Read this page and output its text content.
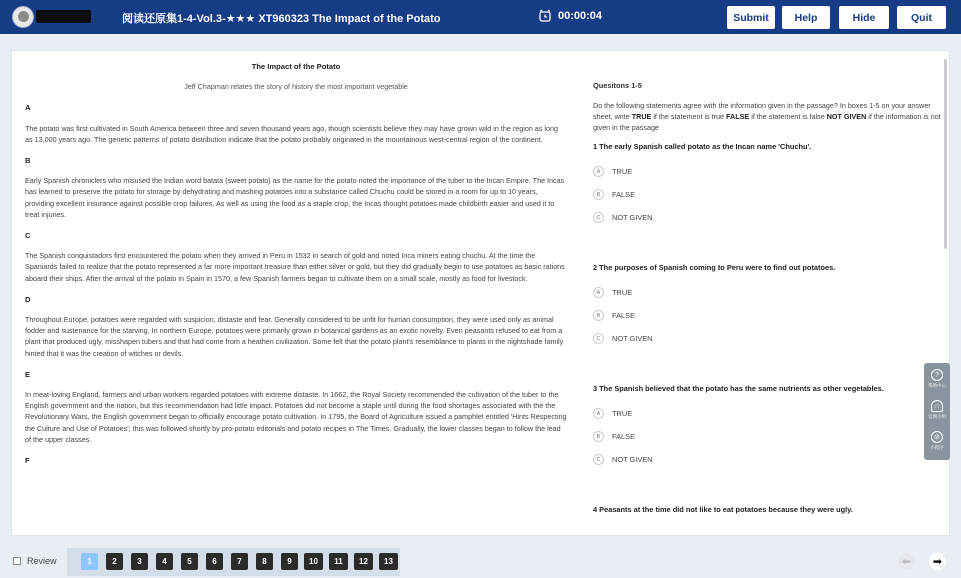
阅读还原集1-4-Vol.3-★★★ XT960323 The Impact of the Potato	00:00:04	Submit	Help	Hide	Quit
The Impact of the Potato
Jeff Chapman relates the story of history the most important vegetable
A
The potato was first cultivated in South America between three and seven thousand years ago, though scientists believe they may have grown wild in the region as long as 13,000 years ago. The genetic patterns of potato distribution indicate that the potato probably originated in the mountainous west-central region of the continent.
B
Early Spanish chroniclers who misused the Indian word batata (sweet potato) as the name for the potato noted the importance of the tuber to the Incan Empire. The Incas has learned to preserve the potato for storage by dehydrating and mashing potatoes into a substance called Chuchu could be stored in a room for up to 10 years, providing excellent insurance against possible crop failures. As well as using the food as a staple crop, the Incas thought potatoes made childbirth easier and used it to treat injuries.
C
The Spanish conquistadors first encountered the potato when they arrived in Peru in 1532 in search of gold and noted Inca miners eating chuchu. At the time the Spaniards failed to realize that the potato represented a far more important treasure than either silver or gold, but they did gradually begin to use potatoes as basic rations aboard their ships. After the arrival of the potato in Spain in 1570, a few Spanish farmers began to cultivate them on a small scale, mostly as food for livestock.
D
Throughout Europe, potatoes were regarded with suspicion, distaste and fear. Generally considered to be unfit for human consumption, they were used only as animal fodder and sustenance for the starving. In northern Europe, potatoes were primarily grown in botanical gardens as an exotic novelty. Even peasants refused to eat from a plant that produced ugly, misshapen tubers and that had come from a heathen civilization. Some felt that the potato plant's resemblance to plants in the nightshade family hinted that it was the creation of witches or devils.
E
In meat-loving England, farmers and urban workers regarded potatoes with extreme distaste. In 1662, the Royal Society recommended the cultivation of the tuber to the English government and the nation, but this recommendation had little impact. Potatoes did not become a staple until during the food shortages associated with the the Revolutionary Wars, the English government began to officially encourage potato cultivation. In 1795, the Board of Agriculture issued a pamphlet entitled 'Hints Respecting the Culture and Use of Potatoes'; this was followed shortly by pro-potato editorials and potato recipes in The Times. Gradually, the lower classes began to follow the lead of the upper classes.
F
Quesitons 1-5
Do the following statements agree with the information given in the passage? In boxes 1-5 on your answer sheet, write TRUE if the statement is true FALSE if the statement is false NOT GIVEN if the information is not given in the passage
1 The early Spanish called potato as the Incan name 'Chuchu'.
A	TRUE
B	FALSE
C	NOT GIVEN
2 The purposes of Spanish coming to Peru were to find out potatoes.
A	TRUE
B	FALSE
C	NOT GIVEN
3 The Spanish believed that the potato has the same nutrients as other vegetables.
A	TRUE
B	FALSE
C	NOT GIVEN
4 Peasants at the time did not like to eat potatoes because they were ugly.
?
帮助中心
∩
官网小组
⊘
小程序
Review	1	2	3	4	5	6	7	8	9	10	11	12	13	⬅	➡
